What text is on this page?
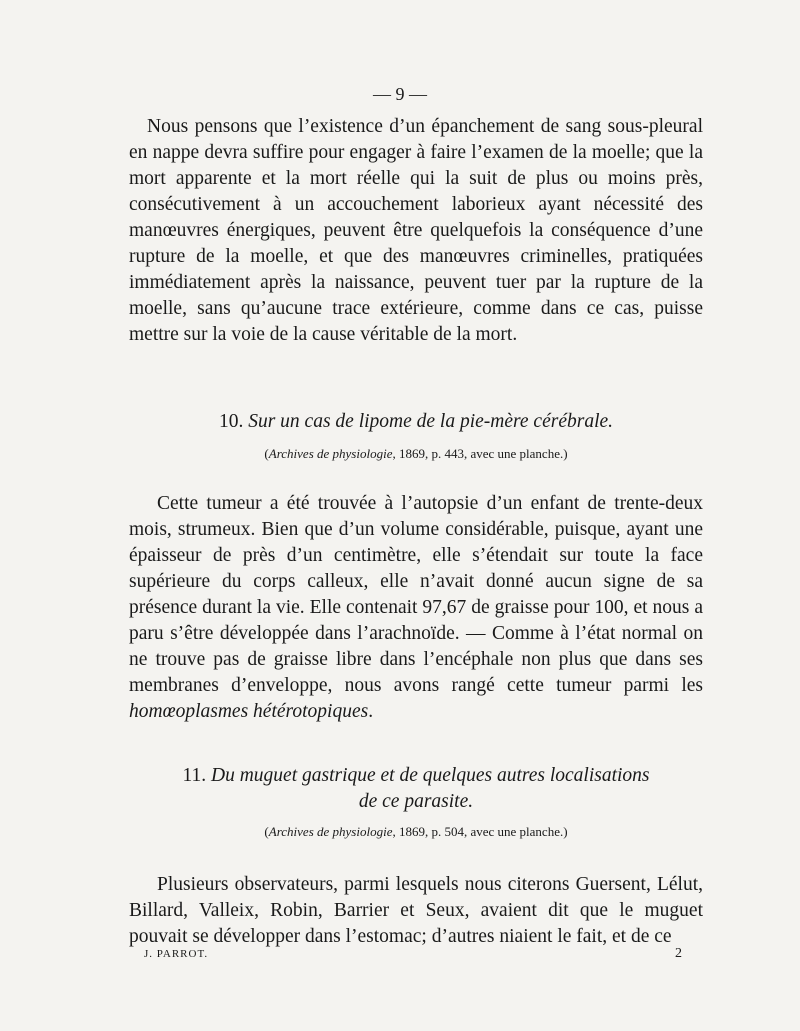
— 9 —

Nous pensons que l’existence d’un épanchement de sang sous-pleural en nappe devra suffire pour engager à faire l’examen de la moelle; que la mort apparente et la mort réelle qui la suit de plus ou moins près, consécutivement à un accouchement laborieux ayant nécessité des manœuvres énergiques, peuvent être quelquefois la conséquence d’une rupture de la moelle, et que des manœuvres criminelles, pratiquées immédiatement après la naissance, peuvent tuer par la rupture de la moelle, sans qu’aucune trace extérieure, comme dans ce cas, puisse mettre sur la voie de la cause véritable de la mort.

10. Sur un cas de lipome de la pie-mère cérébrale.
(Archives de physiologie, 1869, p. 443, avec une planche.)

Cette tumeur a été trouvée à l’autopsie d’un enfant de trente-deux mois, strumeux. Bien que d’un volume considérable, puisque, ayant une épaisseur de près d’un centimètre, elle s’étendait sur toute la face supérieure du corps calleux, elle n’avait donné aucun signe de sa présence durant la vie. Elle contenait 97,67 de graisse pour 100, et nous a paru s’être développée dans l’arachnoïde. — Comme à l’état normal on ne trouve pas de graisse libre dans l’encéphale non plus que dans ses membranes d’enveloppe, nous avons rangé cette tumeur parmi les homœoplasmes hétérotopiques.

11. Du muguet gastrique et de quelques autres localisations
de ce parasite.
(Archives de physiologie, 1869, p. 504, avec une planche.)

Plusieurs observateurs, parmi lesquels nous citerons Guersent, Lélut, Billard, Valleix, Robin, Barrier et Seux, avaient dit que le muguet pouvait se développer dans l’estomac; d’autres niaient le fait, et de ce

J. PARROT.	2
